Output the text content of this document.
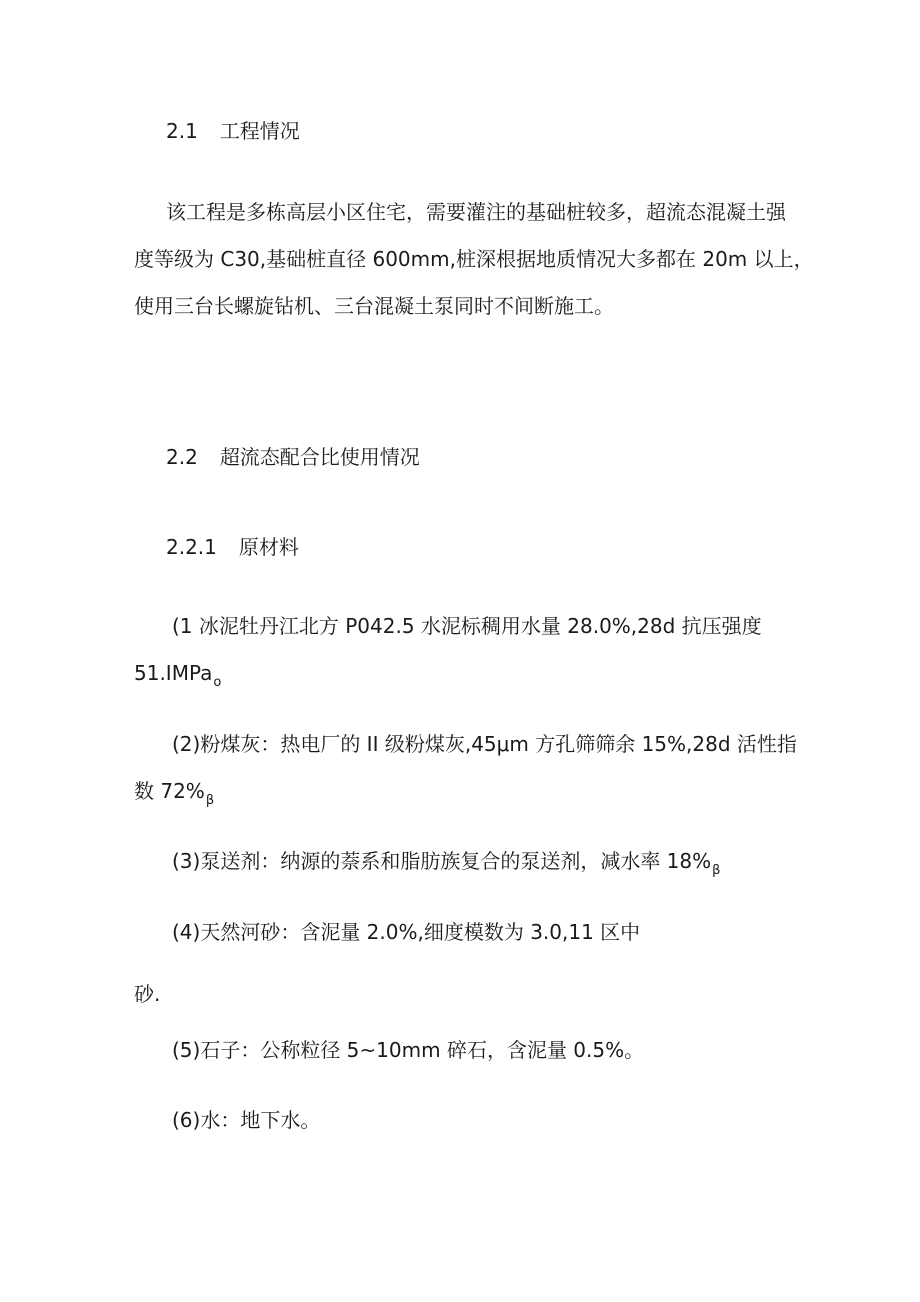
2.1 工程情况
该工程是多栋高层小区住宅，需要灌注的基础桩较多，超流态混凝土强
度等级为 C30,基础桩直径 600mm,桩深根据地质情况大多都在 20m 以上，
使用三台长螺旋钻机、三台混凝土泵同时不间断施工。
2.2 超流态配合比使用情况
2.2.1 原材料
(1 冰泥牡丹江北方 P042.5 水泥标稠用水量 28.0%,28d 抗压强度
51.IMPa$_o$
(2)粉煤灰：热电厂的 II 级粉煤灰,45μm 方孔筛筛余 15%,28d 活性指
数 $72\%_\beta$
(3)泵送剂：纳源的萘系和脂肪族复合的泵送剂，减水率 $18\%_\beta$
(4)天然河砂：含泥量 2.0%,细度模数为 3.0,11 区中
砂.
(5)石子：公称粒径 5~10mm 碎石，含泥量 0.5%。
(6)水：地下水。
